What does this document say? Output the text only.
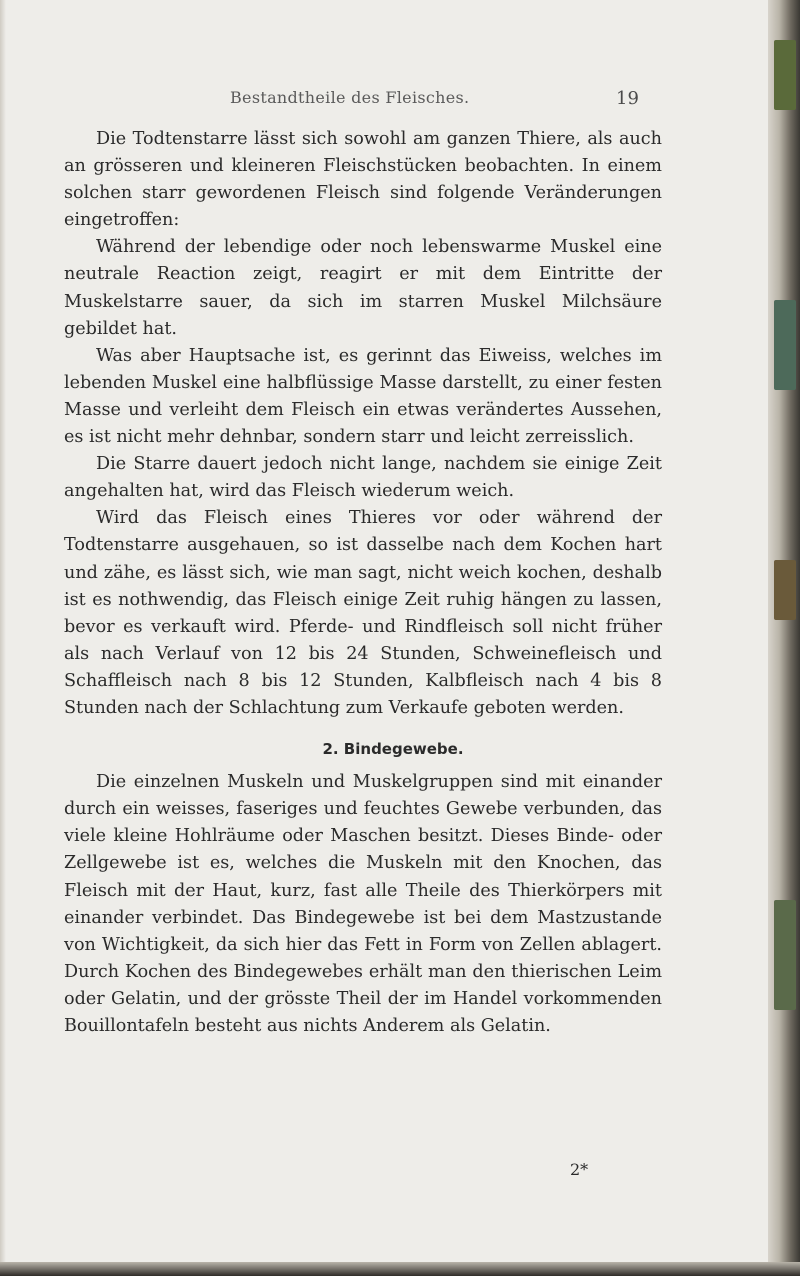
Bestandtheile des Fleisches.	19

Die Todtenstarre lässt sich sowohl am ganzen Thiere, als auch an grösseren und kleineren Fleischstücken beobachten. In einem solchen starr gewordenen Fleisch sind folgende Veränderungen eingetroffen:

Während der lebendige oder noch lebenswarme Muskel eine neutrale Reaction zeigt, reagirt er mit dem Eintritte der Muskelstarre sauer, da sich im starren Muskel Milchsäure gebildet hat.

Was aber Hauptsache ist, es gerinnt das Eiweiss, welches im lebenden Muskel eine halbflüssige Masse darstellt, zu einer festen Masse und verleiht dem Fleisch ein etwas verändertes Aussehen, es ist nicht mehr dehnbar, sondern starr und leicht zerreisslich.

Die Starre dauert jedoch nicht lange, nachdem sie einige Zeit angehalten hat, wird das Fleisch wiederum weich.

Wird das Fleisch eines Thieres vor oder während der Todtenstarre ausgehauen, so ist dasselbe nach dem Kochen hart und zähe, es lässt sich, wie man sagt, nicht weich kochen, deshalb ist es nothwendig, das Fleisch einige Zeit ruhig hängen zu lassen, bevor es verkauft wird. Pferde- und Rindfleisch soll nicht früher als nach Verlauf von 12 bis 24 Stunden, Schweinefleisch und Schaffleisch nach 8 bis 12 Stunden, Kalbfleisch nach 4 bis 8 Stunden nach der Schlachtung zum Verkaufe geboten werden.

2. Bindegewebe.

Die einzelnen Muskeln und Muskelgruppen sind mit einander durch ein weisses, faseriges und feuchtes Gewebe verbunden, das viele kleine Hohlräume oder Maschen besitzt. Dieses Binde- oder Zellgewebe ist es, welches die Muskeln mit den Knochen, das Fleisch mit der Haut, kurz, fast alle Theile des Thierkörpers mit einander verbindet. Das Bindegewebe ist bei dem Mastzustande von Wichtigkeit, da sich hier das Fett in Form von Zellen ablagert. Durch Kochen des Bindegewebes erhält man den thierischen Leim oder Gelatin, und der grösste Theil der im Handel vorkommenden Bouillontafeln besteht aus nichts Anderem als Gelatin.

2*
